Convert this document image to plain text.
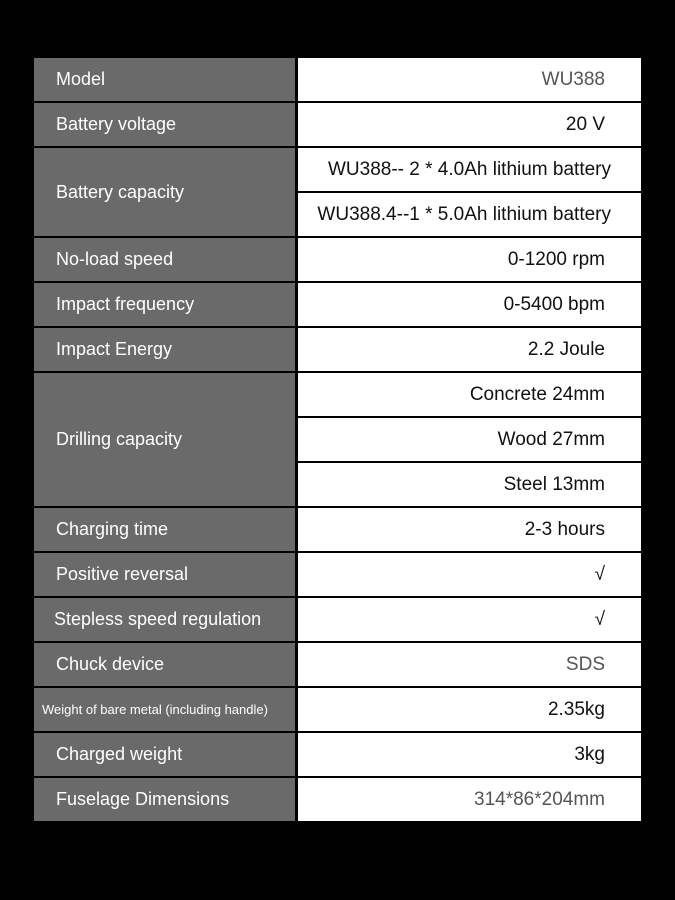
Model	WU388
Battery voltage	20 V
Battery capacity	WU388-- 2 * 4.0Ah lithium battery
	WU388.4--1 * 5.0Ah lithium battery
No-load speed	0-1200 rpm
Impact frequency	0-5400 bpm
Impact Energy	2.2 Joule
Drilling capacity	Concrete 24mm
	Wood 27mm
	Steel 13mm
Charging time	2-3 hours
Positive reversal	√
Stepless speed regulation	√
Chuck device	SDS
Weight of bare metal (including handle)	2.35kg
Charged weight	3kg
Fuselage Dimensions	314*86*204mm
